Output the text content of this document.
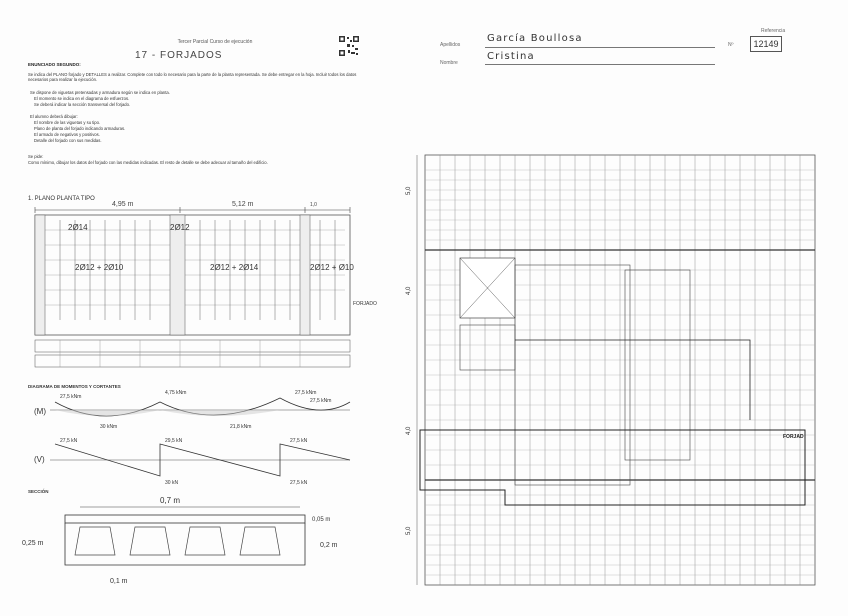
Tercer Parcial Curso de ejecución
17 - FORJADOS
ENUNCIADO SEGUNDO:
Se indica del PLANO forjado y DETALLES a realizar. Complete con todo lo necesario para la parte de la planta representada. Se debe entregar en la hoja. Incluir todos los datos necesarios para realizar la ejecución.
Se dispone de viguetas pretensadas y armadura según se indica en planta.
El momento se indica en el diagrama de esfuerzos.
Se deberá indicar la sección transversal del forjado.
El alumno deberá dibujar:
El nombre de las viguetas y su tipo.
Plano de planta del forjado indicando armaduras.
El armado de negativos y positivos.
Detalle del forjado con sus medidas.
Se pide:
Como mínimo, dibujar los datos del forjado con las medidas indicadas. El resto de detalle se debe adecuar al tamaño del edificio.
1. PLANO PLANTA TIPO
4,95 m	5,12 m	1,0
2Ø14	2Ø12
2Ø12 + 2Ø10	2Ø12 + 2Ø14	2Ø12 + Ø10
FORJADO
DIAGRAMA DE MOMENTOS Y CORTANTES
(M)
27,5 kNm
4,75 kNm	27,5 kNm
27,5 kNm
30 kNm	21,8 kNm
(V)
27,5 kN	29,5 kN	27,5 kN
30 kN	27,5 kN
SECCIÓN
0,7 m
0,05 m
0,2 m
0,25 m
0,1 m
Apellidos
García Boullosa
Nombre
Cristina
Referencia
Nº	12149
FORJAD
5,0
4,0
4,0
5,0
